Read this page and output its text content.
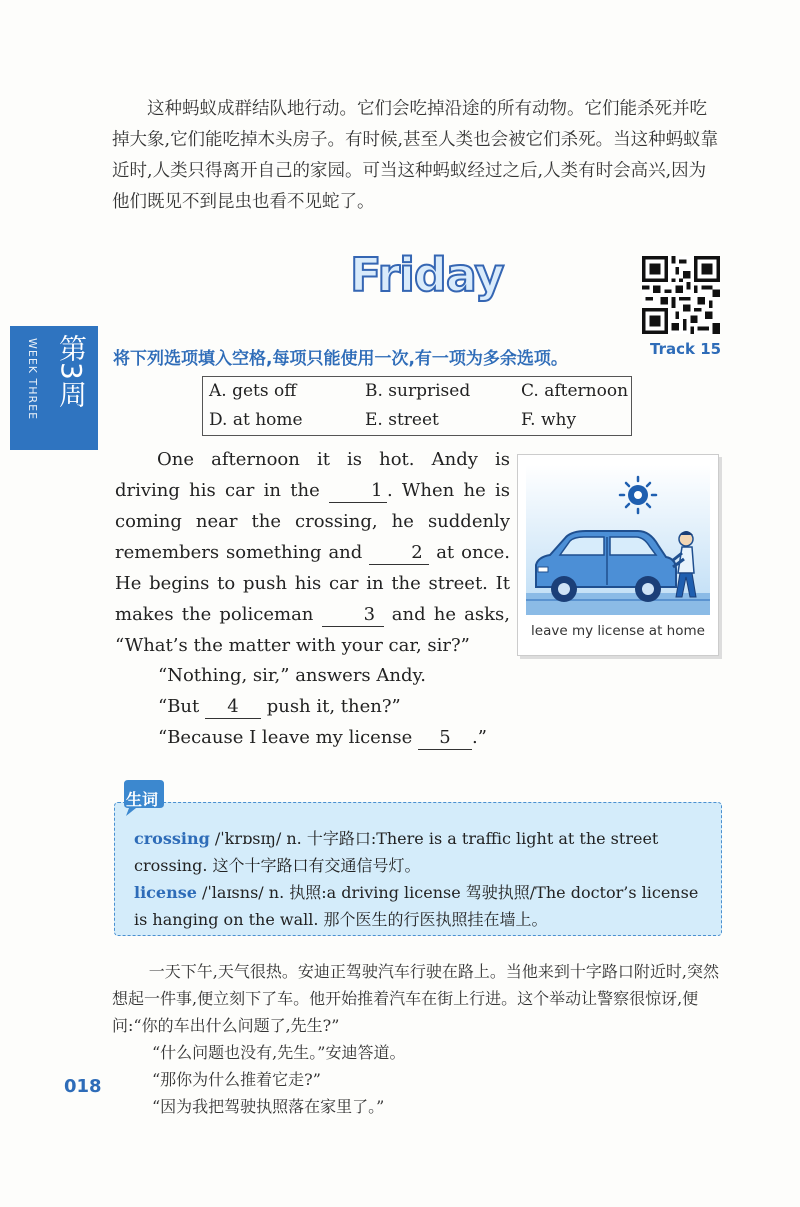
这种蚂蚁成群结队地行动。它们会吃掉沿途的所有动物。它们能杀死并吃掉大象,它们能吃掉木头房子。有时候,甚至人类也会被它们杀死。当这种蚂蚁靠近时,人类只得离开自己的家园。可当这种蚂蚁经过之后,人类有时会高兴,因为他们既见不到昆虫也看不见蛇了。

Friday
Track 15
第3周
WEEK THREE	将下列选项填入空格,每项只能使用一次,有一项为多余选项。
A. gets off	B. surprised	C. afternoon
D. at home	E. street	F. why

One afternoon it is hot. Andy is driving his car in the 1 . When he is coming near the crossing, he suddenly remembers something and 2 at once. He begins to push his car in the street. It makes the policeman 3 and he asks, “What’s the matter with your car, sir?”

“Nothing, sir,” answers Andy.

“But 4 push it, then?”

“Because I leave my license 5 .”

leave my license at home
生词

crossing /ˈkrɒsɪŋ/ n. 十字路口:There is a traffic light at the street crossing. 这个十字路口有交通信号灯。

license /ˈlaɪsns/ n. 执照:a driving license 驾驶执照/The doctor’s license is hanging on the wall. 那个医生的行医执照挂在墙上。

一天下午,天气很热。安迪正驾驶汽车行驶在路上。当他来到十字路口附近时,突然想起一件事,便立刻下了车。他开始推着汽车在街上行进。这个举动让警察很惊讶,便问:“你的车出什么问题了,先生?”

“什么问题也没有,先生。”安迪答道。

“那你为什么推着它走?”

“因为我把驾驶执照落在家里了。”

018
